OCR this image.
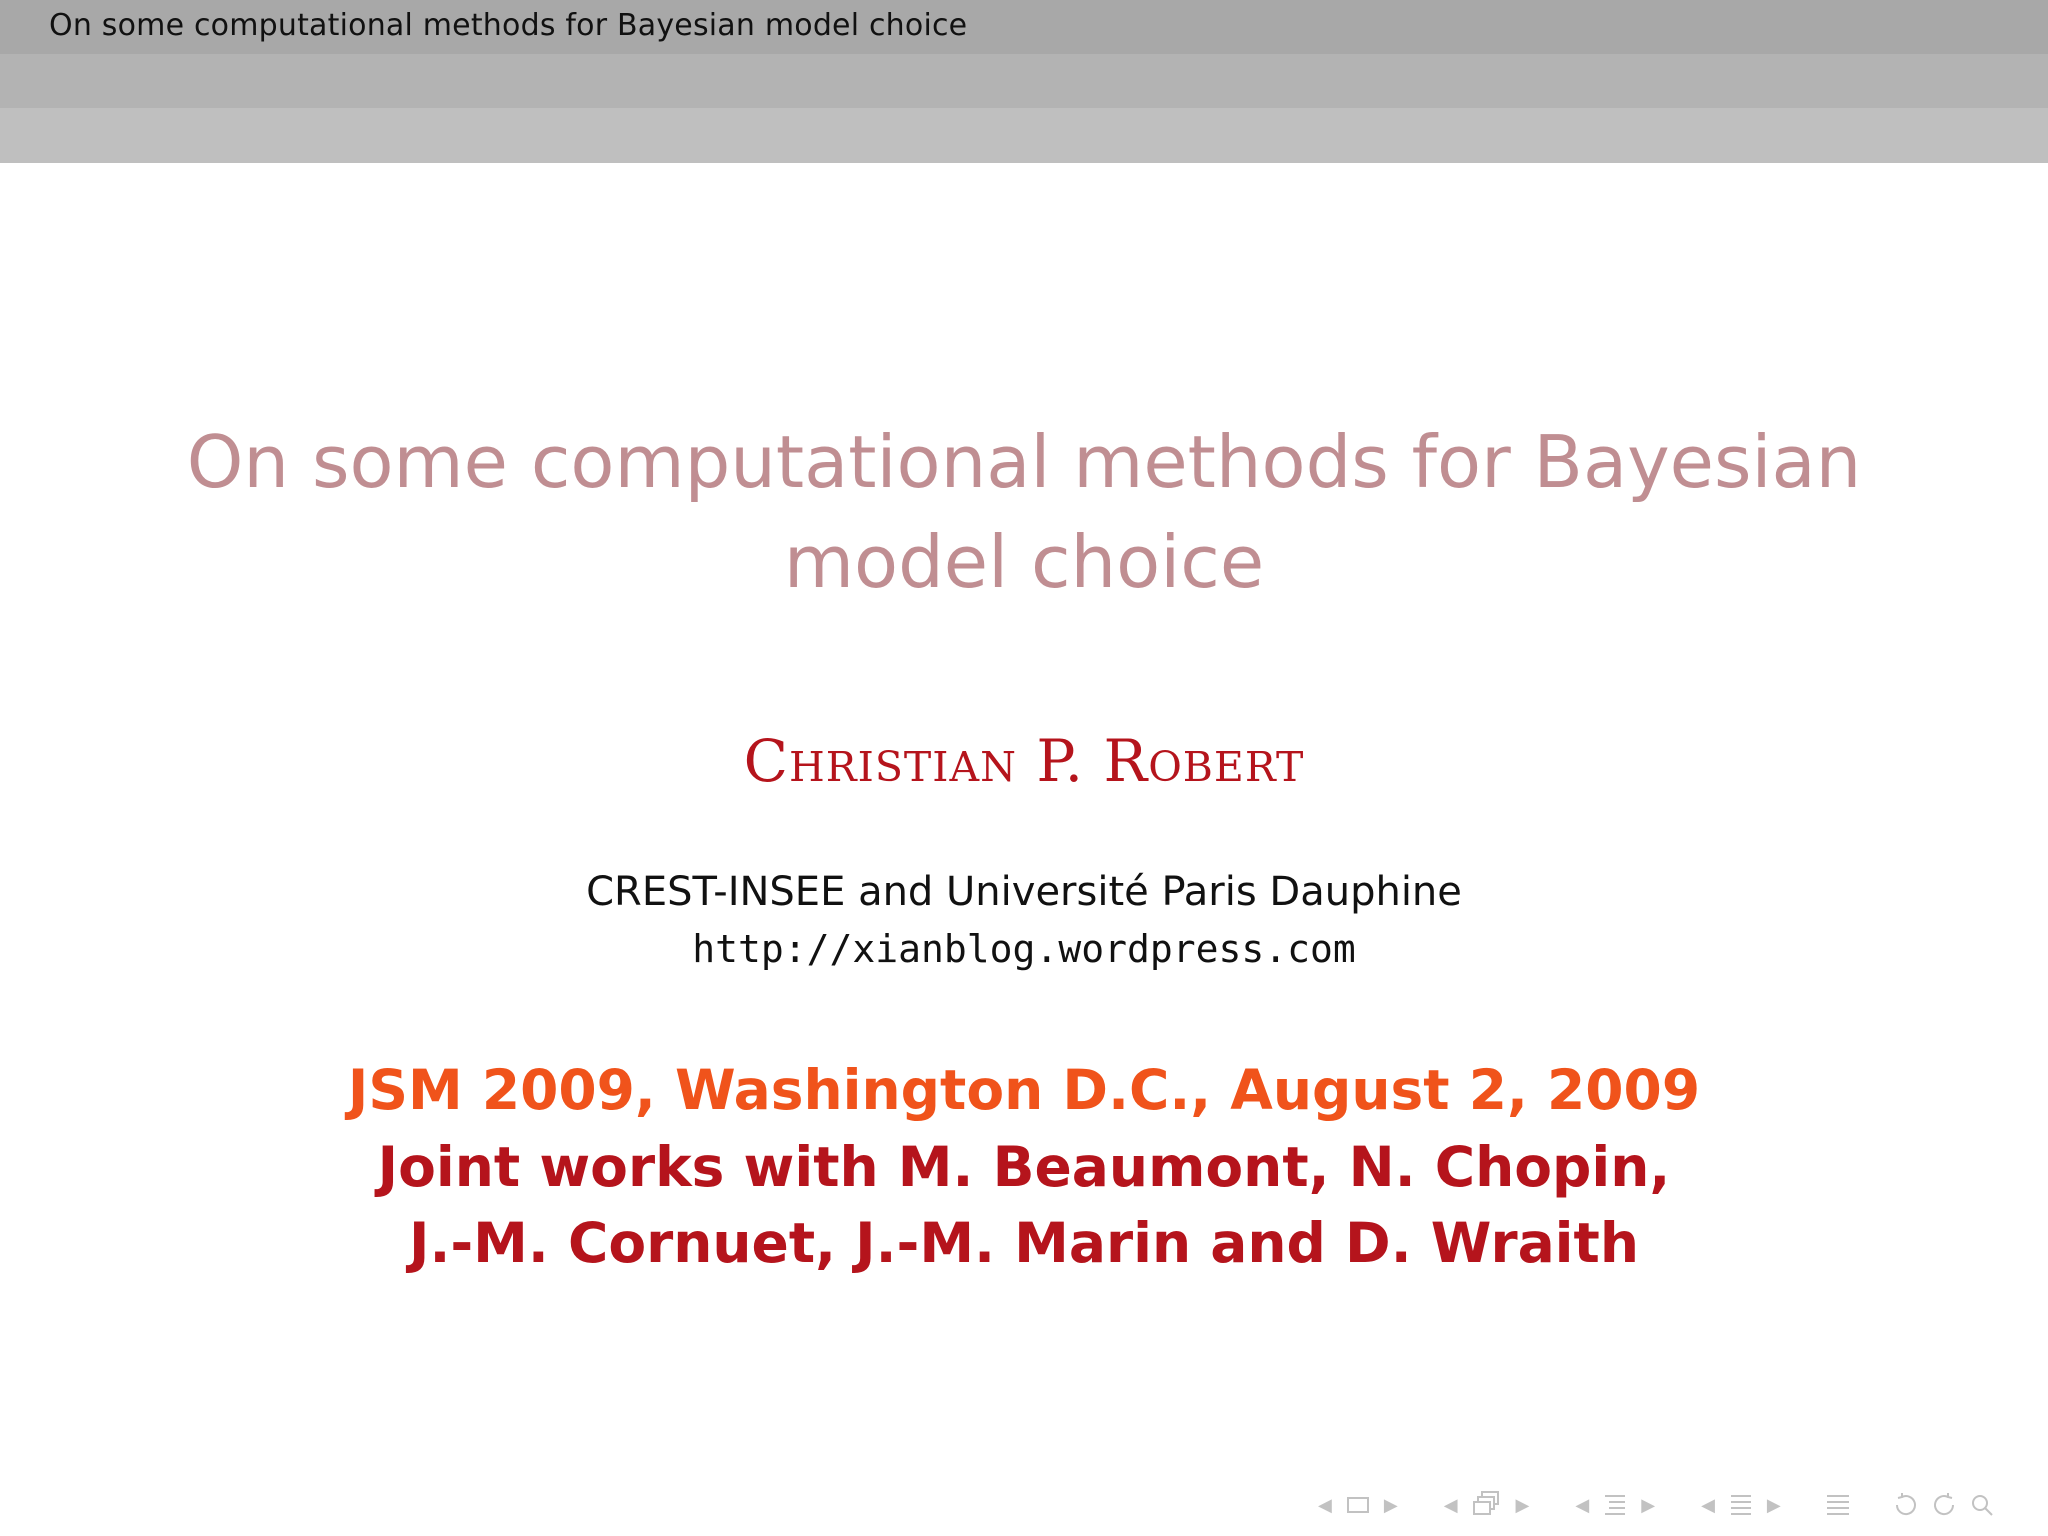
On some computational methods for Bayesian model choice
On some computational methods for Bayesian
model choice
Christian P. Robert
CREST-INSEE and Université Paris Dauphine
http://xianblog.wordpress.com
JSM 2009, Washington D.C., August 2, 2009
Joint works with M. Beaumont, N. Chopin,
J.-M. Cornuet, J.-M. Marin and D. Wraith
◀	▶	◀	▶	◀	▶	◀	▶
